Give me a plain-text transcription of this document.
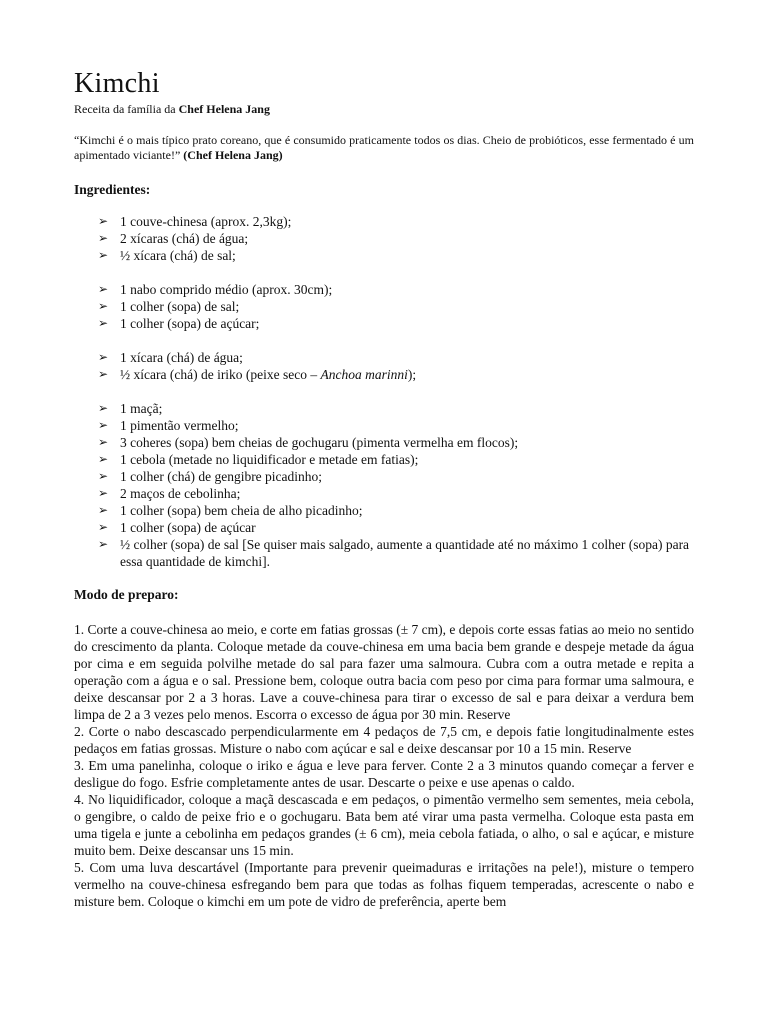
Kimchi

Receita da família da Chef Helena Jang

“Kimchi é o mais típico prato coreano, que é consumido praticamente todos os dias. Cheio de probióticos, esse fermentado é um apimentado viciante!” (Chef Helena Jang)

Ingredientes:
➢ 1 couve-chinesa (aprox. 2,3kg);
➢ 2 xícaras (chá) de água;
➢ ½ xícara (chá) de sal;
➢ 1 nabo comprido médio (aprox. 30cm);
➢ 1 colher (sopa) de sal;
➢ 1 colher (sopa) de açúcar;
➢ 1 xícara (chá) de água;
➢ ½ xícara (chá) de iriko (peixe seco – Anchoa marinni);
➢ 1 maçã;
➢ 1 pimentão vermelho;
➢ 3 coheres (sopa) bem cheias de gochugaru (pimenta vermelha em flocos);
➢ 1 cebola (metade no liquidificador e metade em fatias);
➢ 1 colher (chá) de gengibre picadinho;
➢ 2 maços de cebolinha;
➢ 1 colher (sopa) bem cheia de alho picadinho;
➢ 1 colher (sopa) de açúcar
➢ ½ colher (sopa) de sal [Se quiser mais salgado, aumente a quantidade até no máximo 1 colher (sopa) para essa quantidade de kimchi].
Modo de preparo:

1. Corte a couve-chinesa ao meio, e corte em fatias grossas (± 7 cm), e depois corte essas fatias ao meio no sentido do crescimento da planta. Coloque metade da couve-chinesa em uma bacia bem grande e despeje metade da água por cima e em seguida polvilhe metade do sal para fazer uma salmoura. Cubra com a outra metade e repita a operação com a água e o sal. Pressione bem, coloque outra bacia com peso por cima para formar uma salmoura, e deixe descansar por 2 a 3 horas. Lave a couve-chinesa para tirar o excesso de sal e para deixar a verdura bem limpa de 2 a 3 vezes pelo menos. Escorra o excesso de água por 30 min. Reserve

2. Corte o nabo descascado perpendicularmente em 4 pedaços de 7,5 cm, e depois fatie longitudinalmente estes pedaços em fatias grossas. Misture o nabo com açúcar e sal e deixe descansar por 10 a 15 min. Reserve

3. Em uma panelinha, coloque o iriko e água e leve para ferver. Conte 2 a 3 minutos quando começar a ferver e desligue do fogo. Esfrie completamente antes de usar. Descarte o peixe e use apenas o caldo.

4. No liquidificador, coloque a maçã descascada e em pedaços, o pimentão vermelho sem sementes, meia cebola, o gengibre, o caldo de peixe frio e o gochugaru. Bata bem até virar uma pasta vermelha. Coloque esta pasta em uma tigela e junte a cebolinha em pedaços grandes (± 6 cm), meia cebola fatiada, o alho, o sal e açúcar, e misture muito bem. Deixe descansar uns 15 min.

5. Com uma luva descartável (Importante para prevenir queimaduras e irritações na pele!), misture o tempero vermelho na couve-chinesa esfregando bem para que todas as folhas fiquem temperadas, acrescente o nabo e misture bem. Coloque o kimchi em um pote de vidro de preferência, aperte bem
